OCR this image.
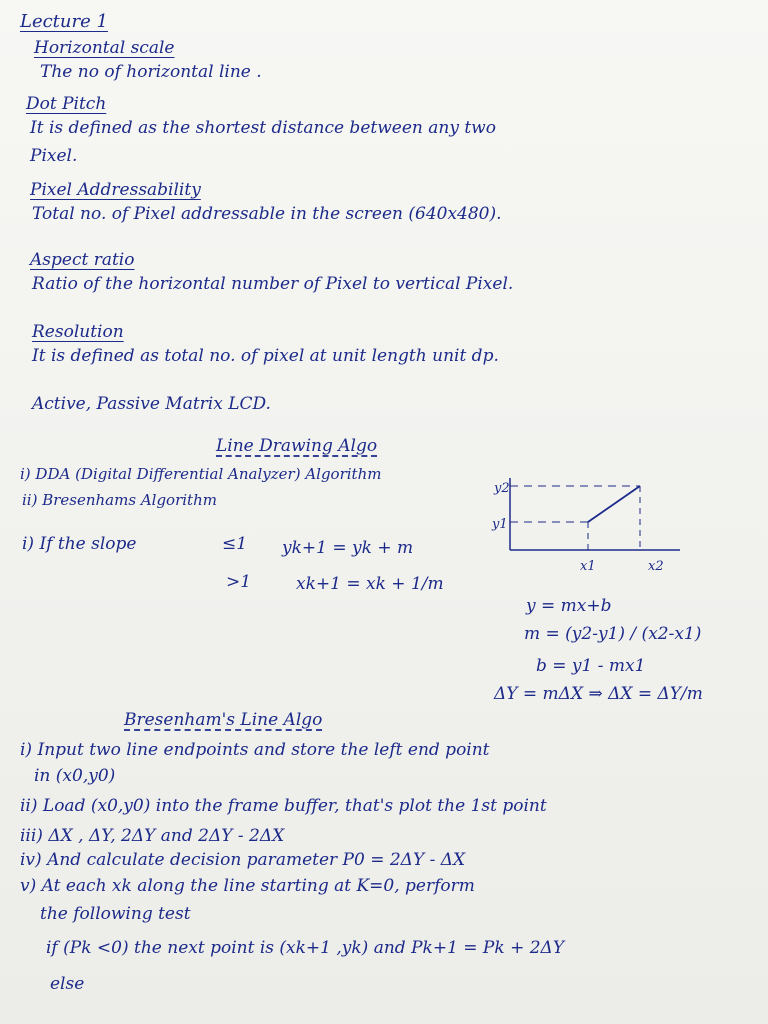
Lecture 1
Horizontal scale
The no of horizontal line .
Dot Pitch
It is defined as the shortest distance between any two
Pixel.
Pixel Addressability
Total no. of Pixel addressable in the screen (640x480).
Aspect ratio
Ratio of the horizontal number of Pixel to vertical Pixel.
Resolution
It is defined as total no. of pixel at unit length unit dp.
Active, Passive Matrix LCD.
Line Drawing Algo
i) DDA (Digital Differential Analyzer) Algorithm
ii) Bresenhams Algorithm
i) If the slope	≤1 yk+1 = yk + m
>1	xk+1 = xk + 1/m
y2
y1
x1	x2
y = mx+b
m = (y2-y1) / (x2-x1)
b = y1 - mx1
ΔY = mΔX ⇒ ΔX = ΔY/m
Bresenham's Line Algo
i) Input two line endpoints and store the left end point
in (x0,y0)
ii) Load (x0,y0) into the frame buffer, that's plot the 1st point
iii) ΔX , ΔY, 2ΔY and 2ΔY - 2ΔX
iv) And calculate decision parameter P0 = 2ΔY - ΔX
v) At each xk along the line starting at K=0, perform
the following test
if (Pk <0) the next point is (xk+1 ,yk) and Pk+1 = Pk + 2ΔY
else
